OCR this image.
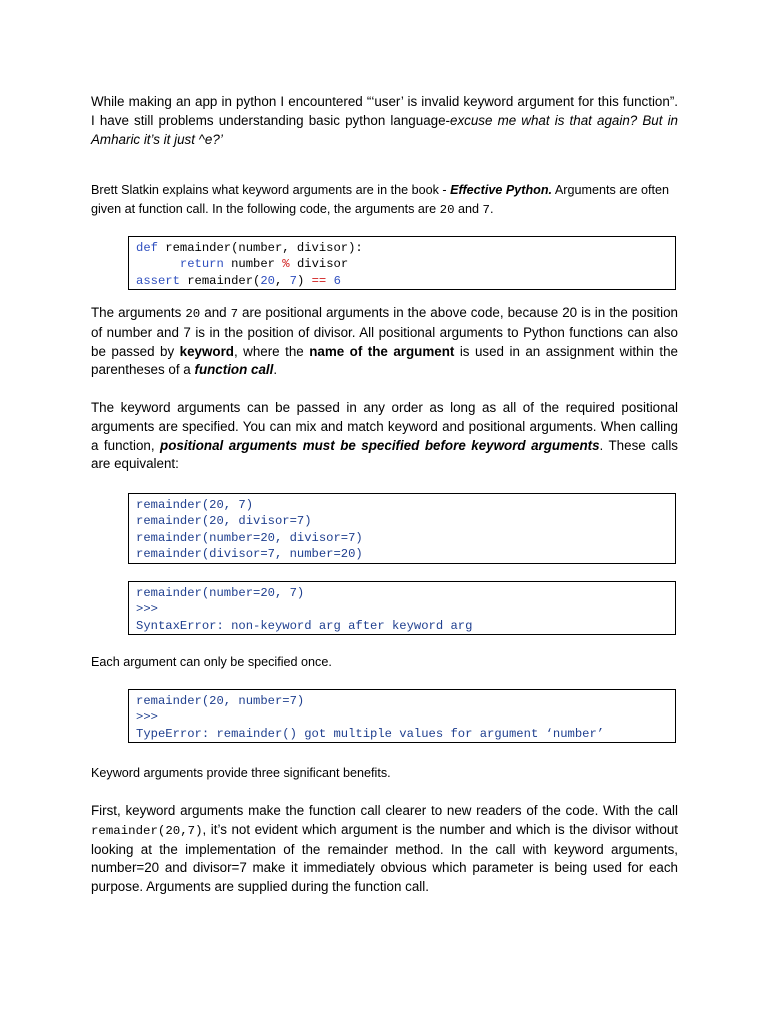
While making an app in python I encountered “‘user’ is invalid keyword argument for this function”. I have still problems understanding basic python language-excuse me what is that again? But in Amharic it’s it just ^e?’

Brett Slatkin explains what keyword arguments are in the book - Effective Python. Arguments are often given at function call. In the following code, the arguments are 20 and 7.

def remainder(number, divisor):
return number % divisor
assert remainder(20, 7) == 6

The arguments 20 and 7 are positional arguments in the above code, because 20 is in the position of number and 7 is in the position of divisor. All positional arguments to Python functions can also be passed by keyword, where the name of the argument is used in an assignment within the parentheses of a function call.

The keyword arguments can be passed in any order as long as all of the required positional arguments are specified. You can mix and match keyword and positional arguments. When calling a function, positional arguments must be specified before keyword arguments. These calls are equivalent:

remainder(20, 7)
remainder(20, divisor=7)
remainder(number=20, divisor=7)
remainder(divisor=7, number=20)
remainder(number=20, 7)
>>>
SyntaxError: non-keyword arg after keyword arg

Each argument can only be specified once.

remainder(20, number=7)
>>>
TypeError: remainder() got multiple values for argument ‘number’

Keyword arguments provide three significant benefits.

First, keyword arguments make the function call clearer to new readers of the code. With the call remainder(20,7), it’s not evident which argument is the number and which is the divisor without looking at the implementation of the remainder method. In the call with keyword arguments, number=20 and divisor=7 make it immediately obvious which parameter is being used for each purpose. Arguments are supplied during the function call.
